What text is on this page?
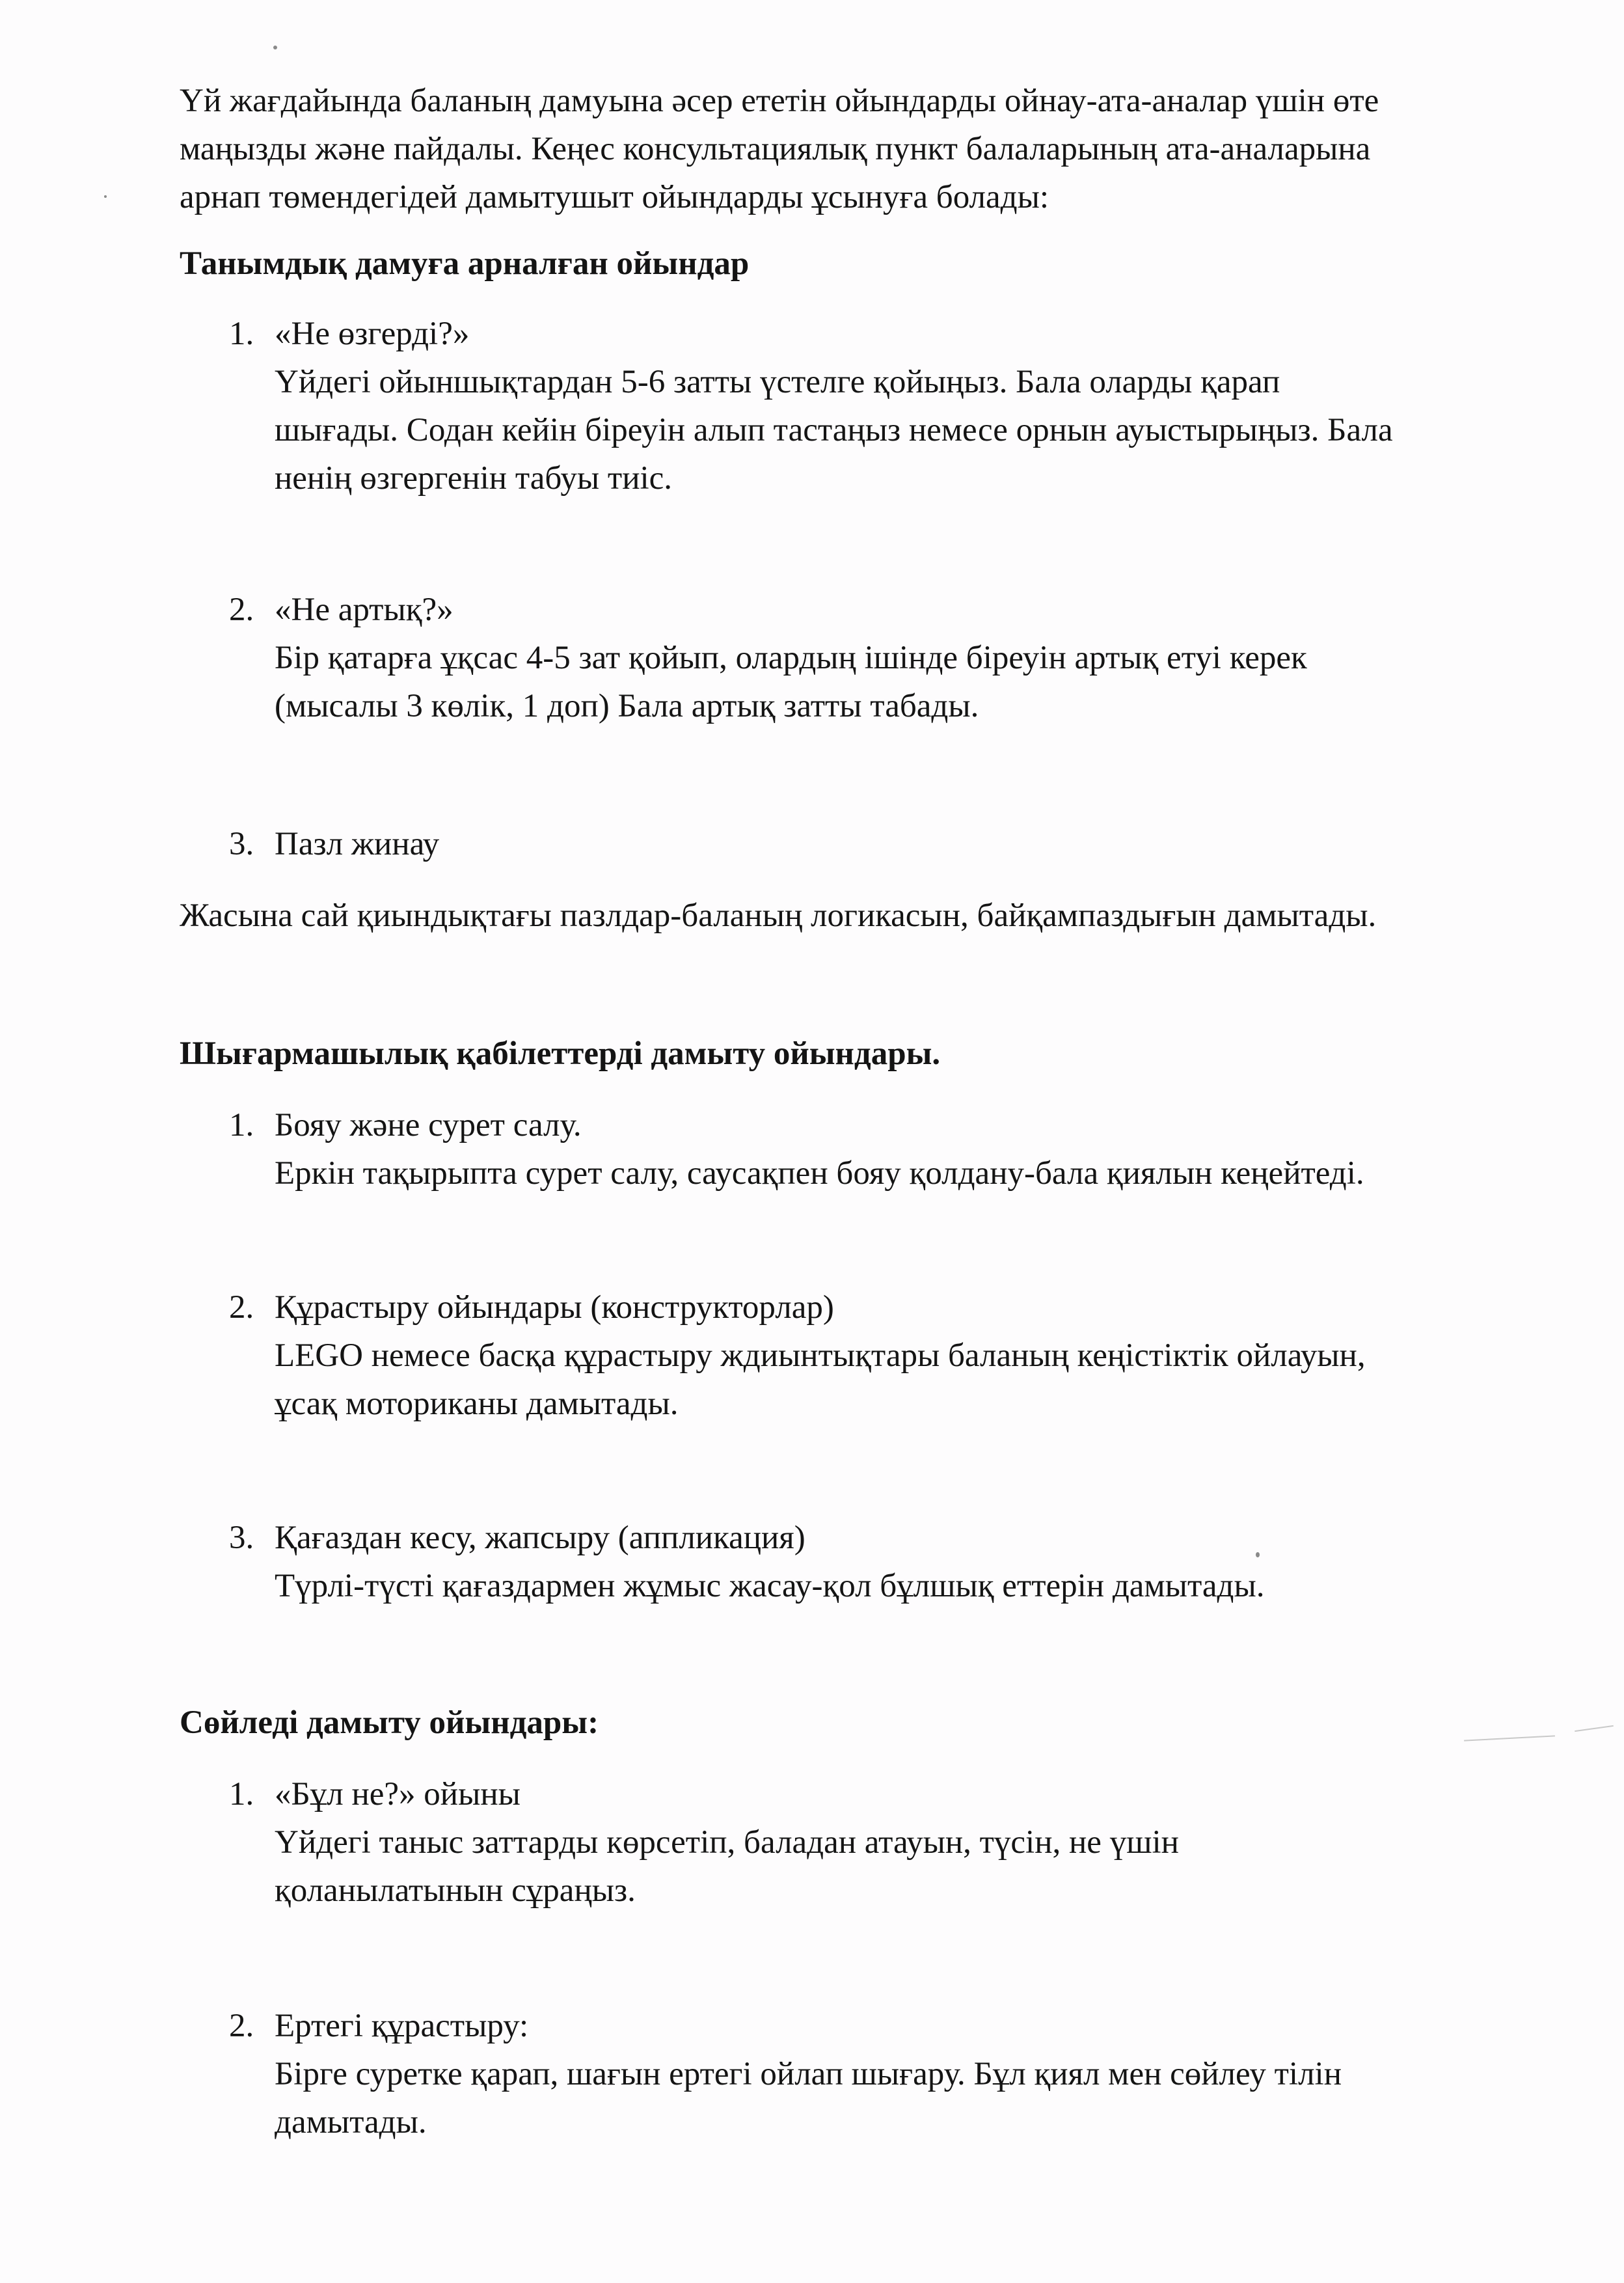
Үй жағдайында баланың дамуына әсер ететін ойындарды ойнау-ата-аналар үшін өте
маңызды және пайдалы. Кеңес консультациялық пункт балаларының ата-аналарына
арнап төмендегідей дамытушыт ойындарды ұсынуға болады:
Танымдық дамуға арналған ойындар
1. «Не өзгерді?»
Үйдегі ойыншықтардан 5-6 затты үстелге қойыңыз. Бала оларды қарап
шығады. Содан кейін біреуін алып тастаңыз немесе орнын ауыстырыңыз. Бала
ненің өзгергенін табуы тиіс.
2. «Не артық?»
Бір қатарға ұқсас 4-5 зат қойып, олардың ішінде біреуін артық етуі керек
(мысалы 3 көлік, 1 доп) Бала артық затты табады.
3. Пазл жинау
Жасына сай қиындықтағы пазлдар-баланың логикасын, байқампаздығын дамытады.
Шығармашылық қабілеттерді дамыту ойындары.
1. Бояу және сурет салу.
Еркін тақырыпта сурет салу, саусақпен бояу қолдану-бала қиялын кеңейтеді.
2. Құрастыру ойындары (конструкторлар)
LEGO немесе басқа құрастыру ждиынтықтары баланың кеңістіктік ойлауын,
ұсақ моториканы дамытады.
3. Қағаздан кесу, жапсыру (аппликация)
Түрлі-түсті қағаздармен жұмыс жасау-қол бұлшық еттерін дамытады.
Сөйледі дамыту ойындары:
1. «Бұл не?» ойыны
Үйдегі таныс заттарды көрсетіп, баладан атауын, түсін, не үшін
қоланылатынын сұраңыз.
2. Ертегі құрастыру:
Бірге суретке қарап, шағын ертегі ойлап шығару. Бұл қиял мен сөйлеу тілін
дамытады.
